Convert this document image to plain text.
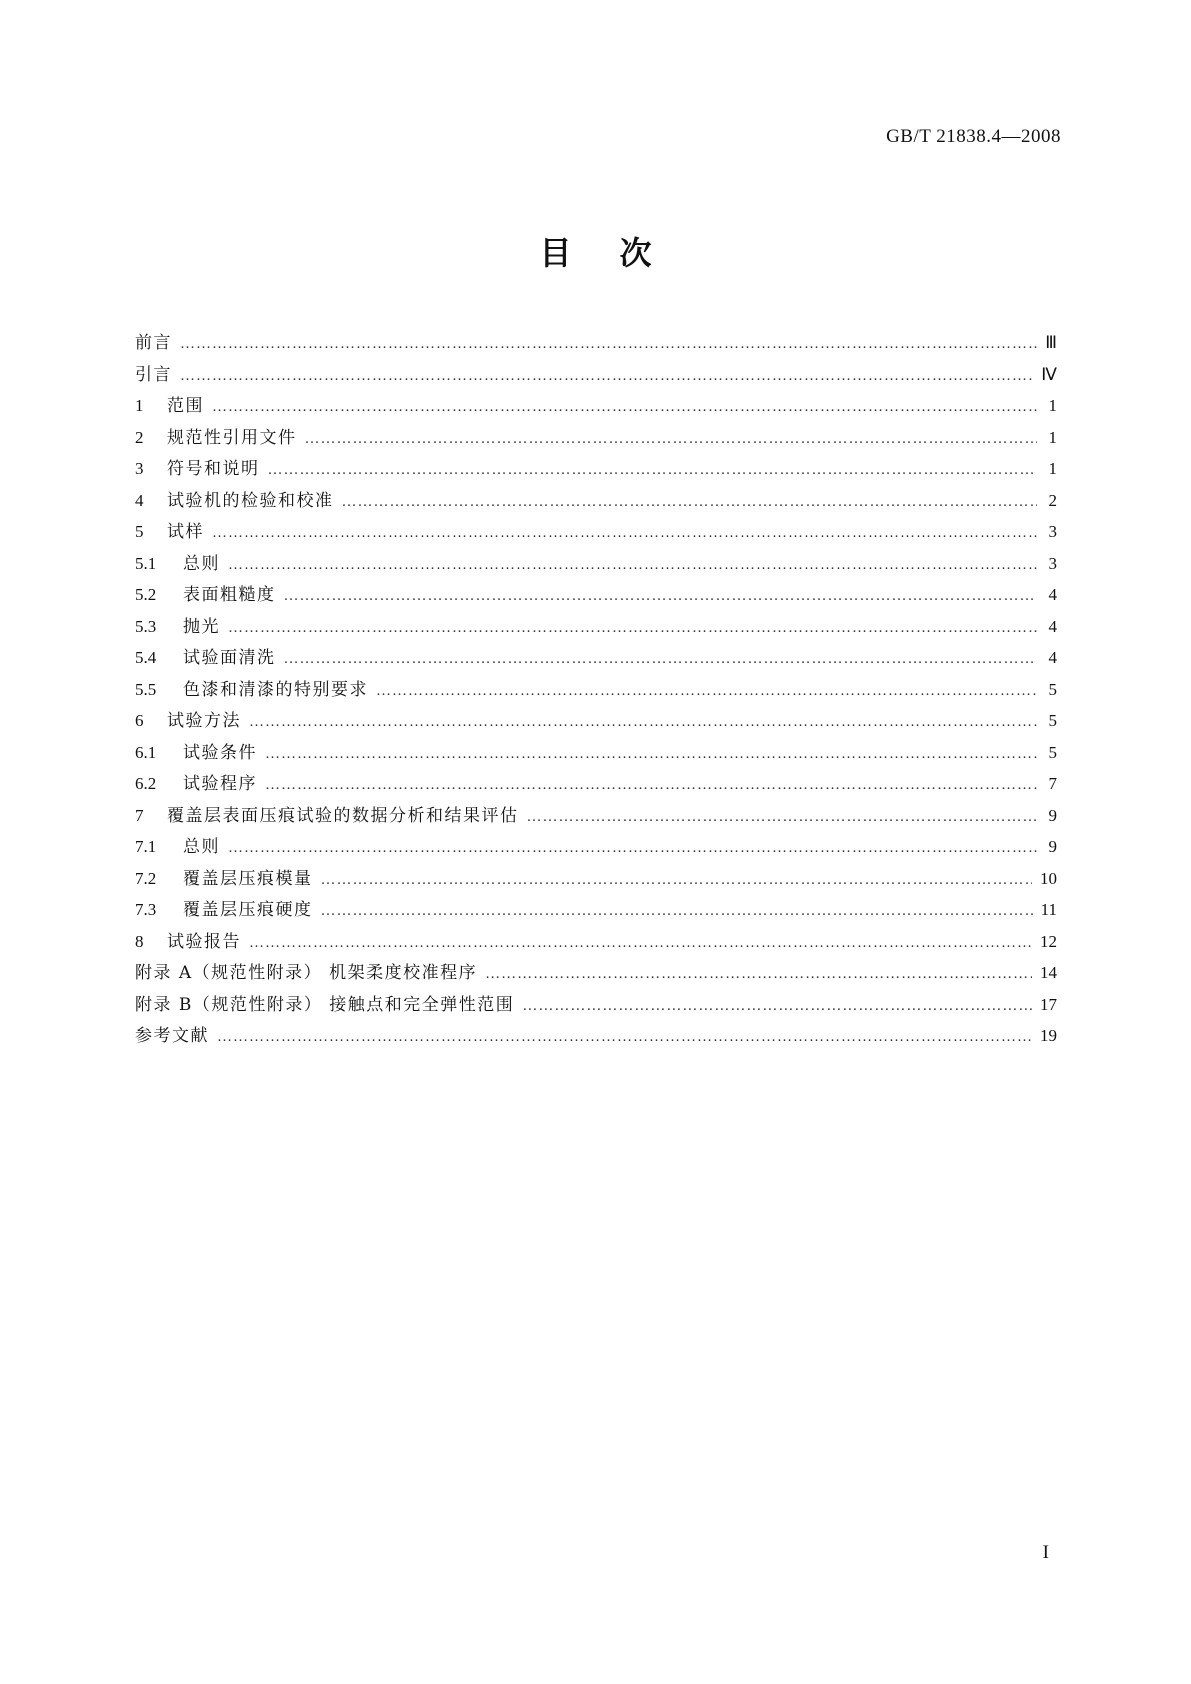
GB/T 21838.4—2008
目次
前言 …………………………………………………………………………………………………………………………………………………………………………………………………………	Ⅲ
引言 …………………………………………………………………………………………………………………………………………………………………………………………………………	Ⅳ
1	范围 …………………………………………………………………………………………………………………………………………………………………………………………………………	1
2	规范性引用文件 …………………………………………………………………………………………………………………………………………………………………………………………………………	1
3	符号和说明 …………………………………………………………………………………………………………………………………………………………………………………………………………	1
4	试验机的检验和校准 …………………………………………………………………………………………………………………………………………………………………………………………………………	2
5	试样 …………………………………………………………………………………………………………………………………………………………………………………………………………	3
5.1	总则 …………………………………………………………………………………………………………………………………………………………………………………………………………	3
5.2	表面粗糙度 …………………………………………………………………………………………………………………………………………………………………………………………………………	4
5.3	抛光 …………………………………………………………………………………………………………………………………………………………………………………………………………	4
5.4	试验面清洗 …………………………………………………………………………………………………………………………………………………………………………………………………………	4
5.5	色漆和清漆的特别要求 …………………………………………………………………………………………………………………………………………………………………………………………………………	5
6	试验方法 …………………………………………………………………………………………………………………………………………………………………………………………………………	5
6.1	试验条件 …………………………………………………………………………………………………………………………………………………………………………………………………………	5
6.2	试验程序 …………………………………………………………………………………………………………………………………………………………………………………………………………	7
7	覆盖层表面压痕试验的数据分析和结果评估 …………………………………………………………………………………………………………………………………………………………………………………………………………	9
7.1	总则 …………………………………………………………………………………………………………………………………………………………………………………………………………	9
7.2	覆盖层压痕模量 …………………………………………………………………………………………………………………………………………………………………………………………………………	10
7.3	覆盖层压痕硬度 …………………………………………………………………………………………………………………………………………………………………………………………………………	11
8	试验报告 …………………………………………………………………………………………………………………………………………………………………………………………………………	12
附录 A（规范性附录） 机架柔度校准程序 …………………………………………………………………………………………………………………………………………………………………………………………………………	14
附录 B（规范性附录） 接触点和完全弹性范围 …………………………………………………………………………………………………………………………………………………………………………………………………………	17
参考文献 …………………………………………………………………………………………………………………………………………………………………………………………………………	19
I
